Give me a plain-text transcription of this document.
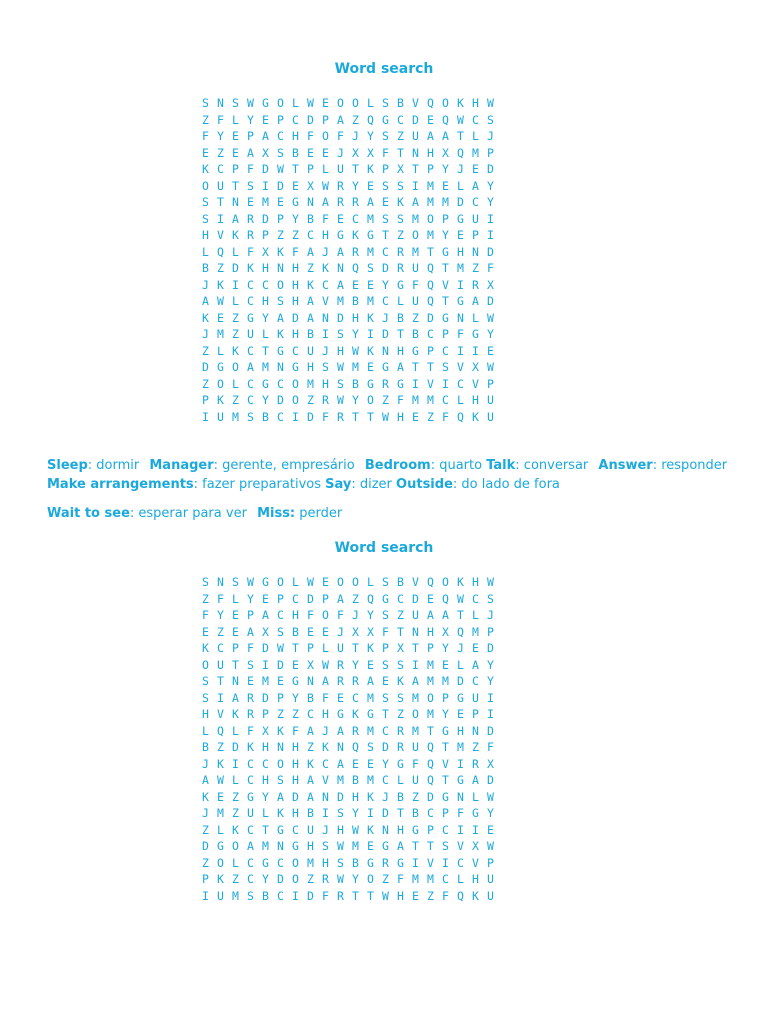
Word search
S N S W G O L W E O O L S B V Q O K H W
Z F L Y E P C D P A Z Q G C D E Q W C S
F Y E P A C H F O F J Y S Z U A A T L J
E Z E A X S B E E J X X F T N H X Q M P
K C P F D W T P L U T K P X T P Y J E D
O U T S I D E X W R Y E S S I M E L A Y
S T N E M E G N A R R A E K A M M D C Y
S I A R D P Y B F E C M S S M O P G U I
H V K R P Z Z C H G K G T Z O M Y E P I
L Q L F X K F A J A R M C R M T G H N D
B Z D K H N H Z K N Q S D R U Q T M Z F
J K I C C O H K C A E E Y G F Q V I R X
A W L C H S H A V M B M C L U Q T G A D
K E Z G Y A D A N D H K J B Z D G N L W
J M Z U L K H B I S Y I D T B C P F G Y
Z L K C T G C U J H W K N H G P C I I E
D G O A M N G H S W M E G A T T S V X W
Z O L C G C O M H S B G R G I V I C V P
P K Z C Y D O Z R W Y O Z F M M C L H U
I U M S B C I D F R T T W H E Z F Q K U
Sleep: dormir Manager: gerente, empresário Bedroom: quarto Talk: conversar Answer: responder Make arrangements: fazer preparativos Say: dizer Outside: do lado de fora
Wait to see: esperar para ver Miss: perder
Word search
S N S W G O L W E O O L S B V Q O K H W
Z F L Y E P C D P A Z Q G C D E Q W C S
F Y E P A C H F O F J Y S Z U A A T L J
E Z E A X S B E E J X X F T N H X Q M P
K C P F D W T P L U T K P X T P Y J E D
O U T S I D E X W R Y E S S I M E L A Y
S T N E M E G N A R R A E K A M M D C Y
S I A R D P Y B F E C M S S M O P G U I
H V K R P Z Z C H G K G T Z O M Y E P I
L Q L F X K F A J A R M C R M T G H N D
B Z D K H N H Z K N Q S D R U Q T M Z F
J K I C C O H K C A E E Y G F Q V I R X
A W L C H S H A V M B M C L U Q T G A D
K E Z G Y A D A N D H K J B Z D G N L W
J M Z U L K H B I S Y I D T B C P F G Y
Z L K C T G C U J H W K N H G P C I I E
D G O A M N G H S W M E G A T T S V X W
Z O L C G C O M H S B G R G I V I C V P
P K Z C Y D O Z R W Y O Z F M M C L H U
I U M S B C I D F R T T W H E Z F Q K U
